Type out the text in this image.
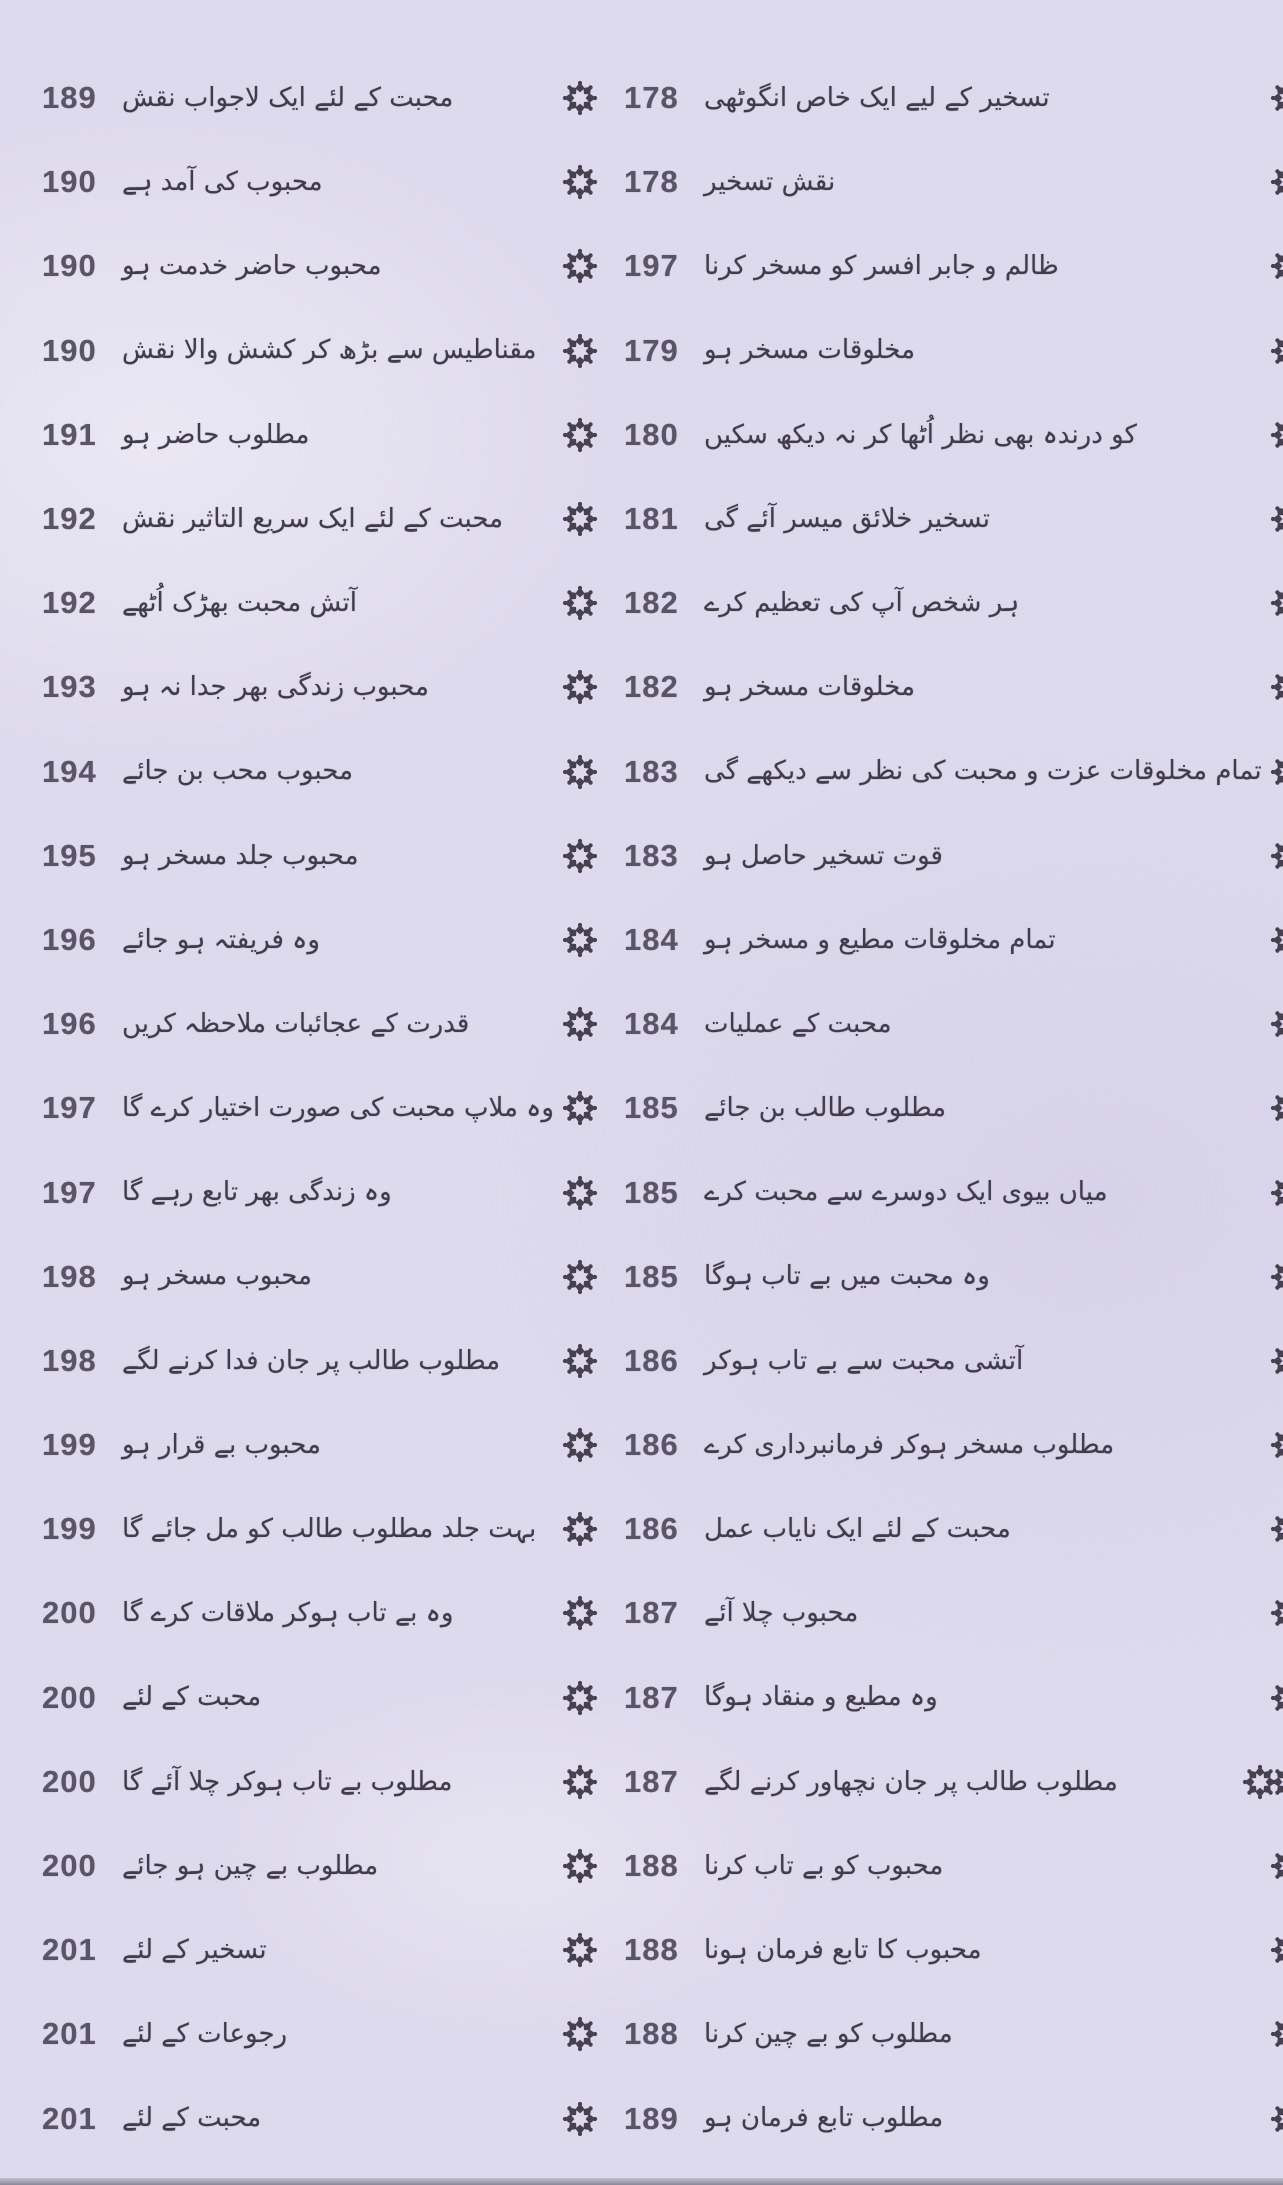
189 محبت کے لئے ایک لاجواب نقش
190 محبوب کی آمد ہے
190 محبوب حاضر خدمت ہو
190 مقناطیس سے بڑھ کر کشش والا نقش
191 مطلوب حاضر ہو
192 محبت کے لئے ایک سریع التاثیر نقش
192 آتش محبت بھڑک اُٹھے
193 محبوب زندگی بھر جدا نہ ہو
194 محبوب محب بن جائے
195 محبوب جلد مسخر ہو
196 وہ فریفتہ ہو جائے
196 قدرت کے عجائبات ملاحظہ کریں
197 وہ ملاپ محبت کی صورت اختیار کرے گا
197 وہ زندگی بھر تابع رہے گا
198 محبوب مسخر ہو
198 مطلوب طالب پر جان فدا کرنے لگے
199 محبوب بے قرار ہو
199 بہت جلد مطلوب طالب کو مل جائے گا
200 وہ بے تاب ہوکر ملاقات کرے گا
200 محبت کے لئے
200 مطلوب بے تاب ہوکر چلا آئے گا
200 مطلوب بے چین ہو جائے
201 تسخیر کے لئے
201 رجوعات کے لئے
201 محبت کے لئے
178 تسخیر کے لیے ایک خاص انگوٹھی
178 نقش تسخیر
197 ظالم و جابر افسر کو مسخر کرنا
179 مخلوقات مسخر ہو
180 کو درندہ بھی نظر اُٹھا کر نہ دیکھ سکیں
181 تسخیر خلائق میسر آئے گی
182 ہر شخص آپ کی تعظیم کرے
182 مخلوقات مسخر ہو
183 تمام مخلوقات عزت و محبت کی نظر سے دیکھے گی
183 قوت تسخیر حاصل ہو
184 تمام مخلوقات مطیع و مسخر ہو
184 محبت کے عملیات
185 مطلوب طالب بن جائے
185 میاں بیوی ایک دوسرے سے محبت کرے
185 وہ محبت میں بے تاب ہوگا
186 آتشی محبت سے بے تاب ہوکر
186 مطلوب مسخر ہوکر فرمانبرداری کرے
186 محبت کے لئے ایک نایاب عمل
187 محبوب چلا آئے
187 وہ مطیع و منقاد ہوگا
187 مطلوب طالب پر جان نچھاور کرنے لگے
188 محبوب کو بے تاب کرنا
188 محبوب کا تابع فرمان ہونا
188 مطلوب کو بے چین کرنا
189 مطلوب تابع فرمان ہو
